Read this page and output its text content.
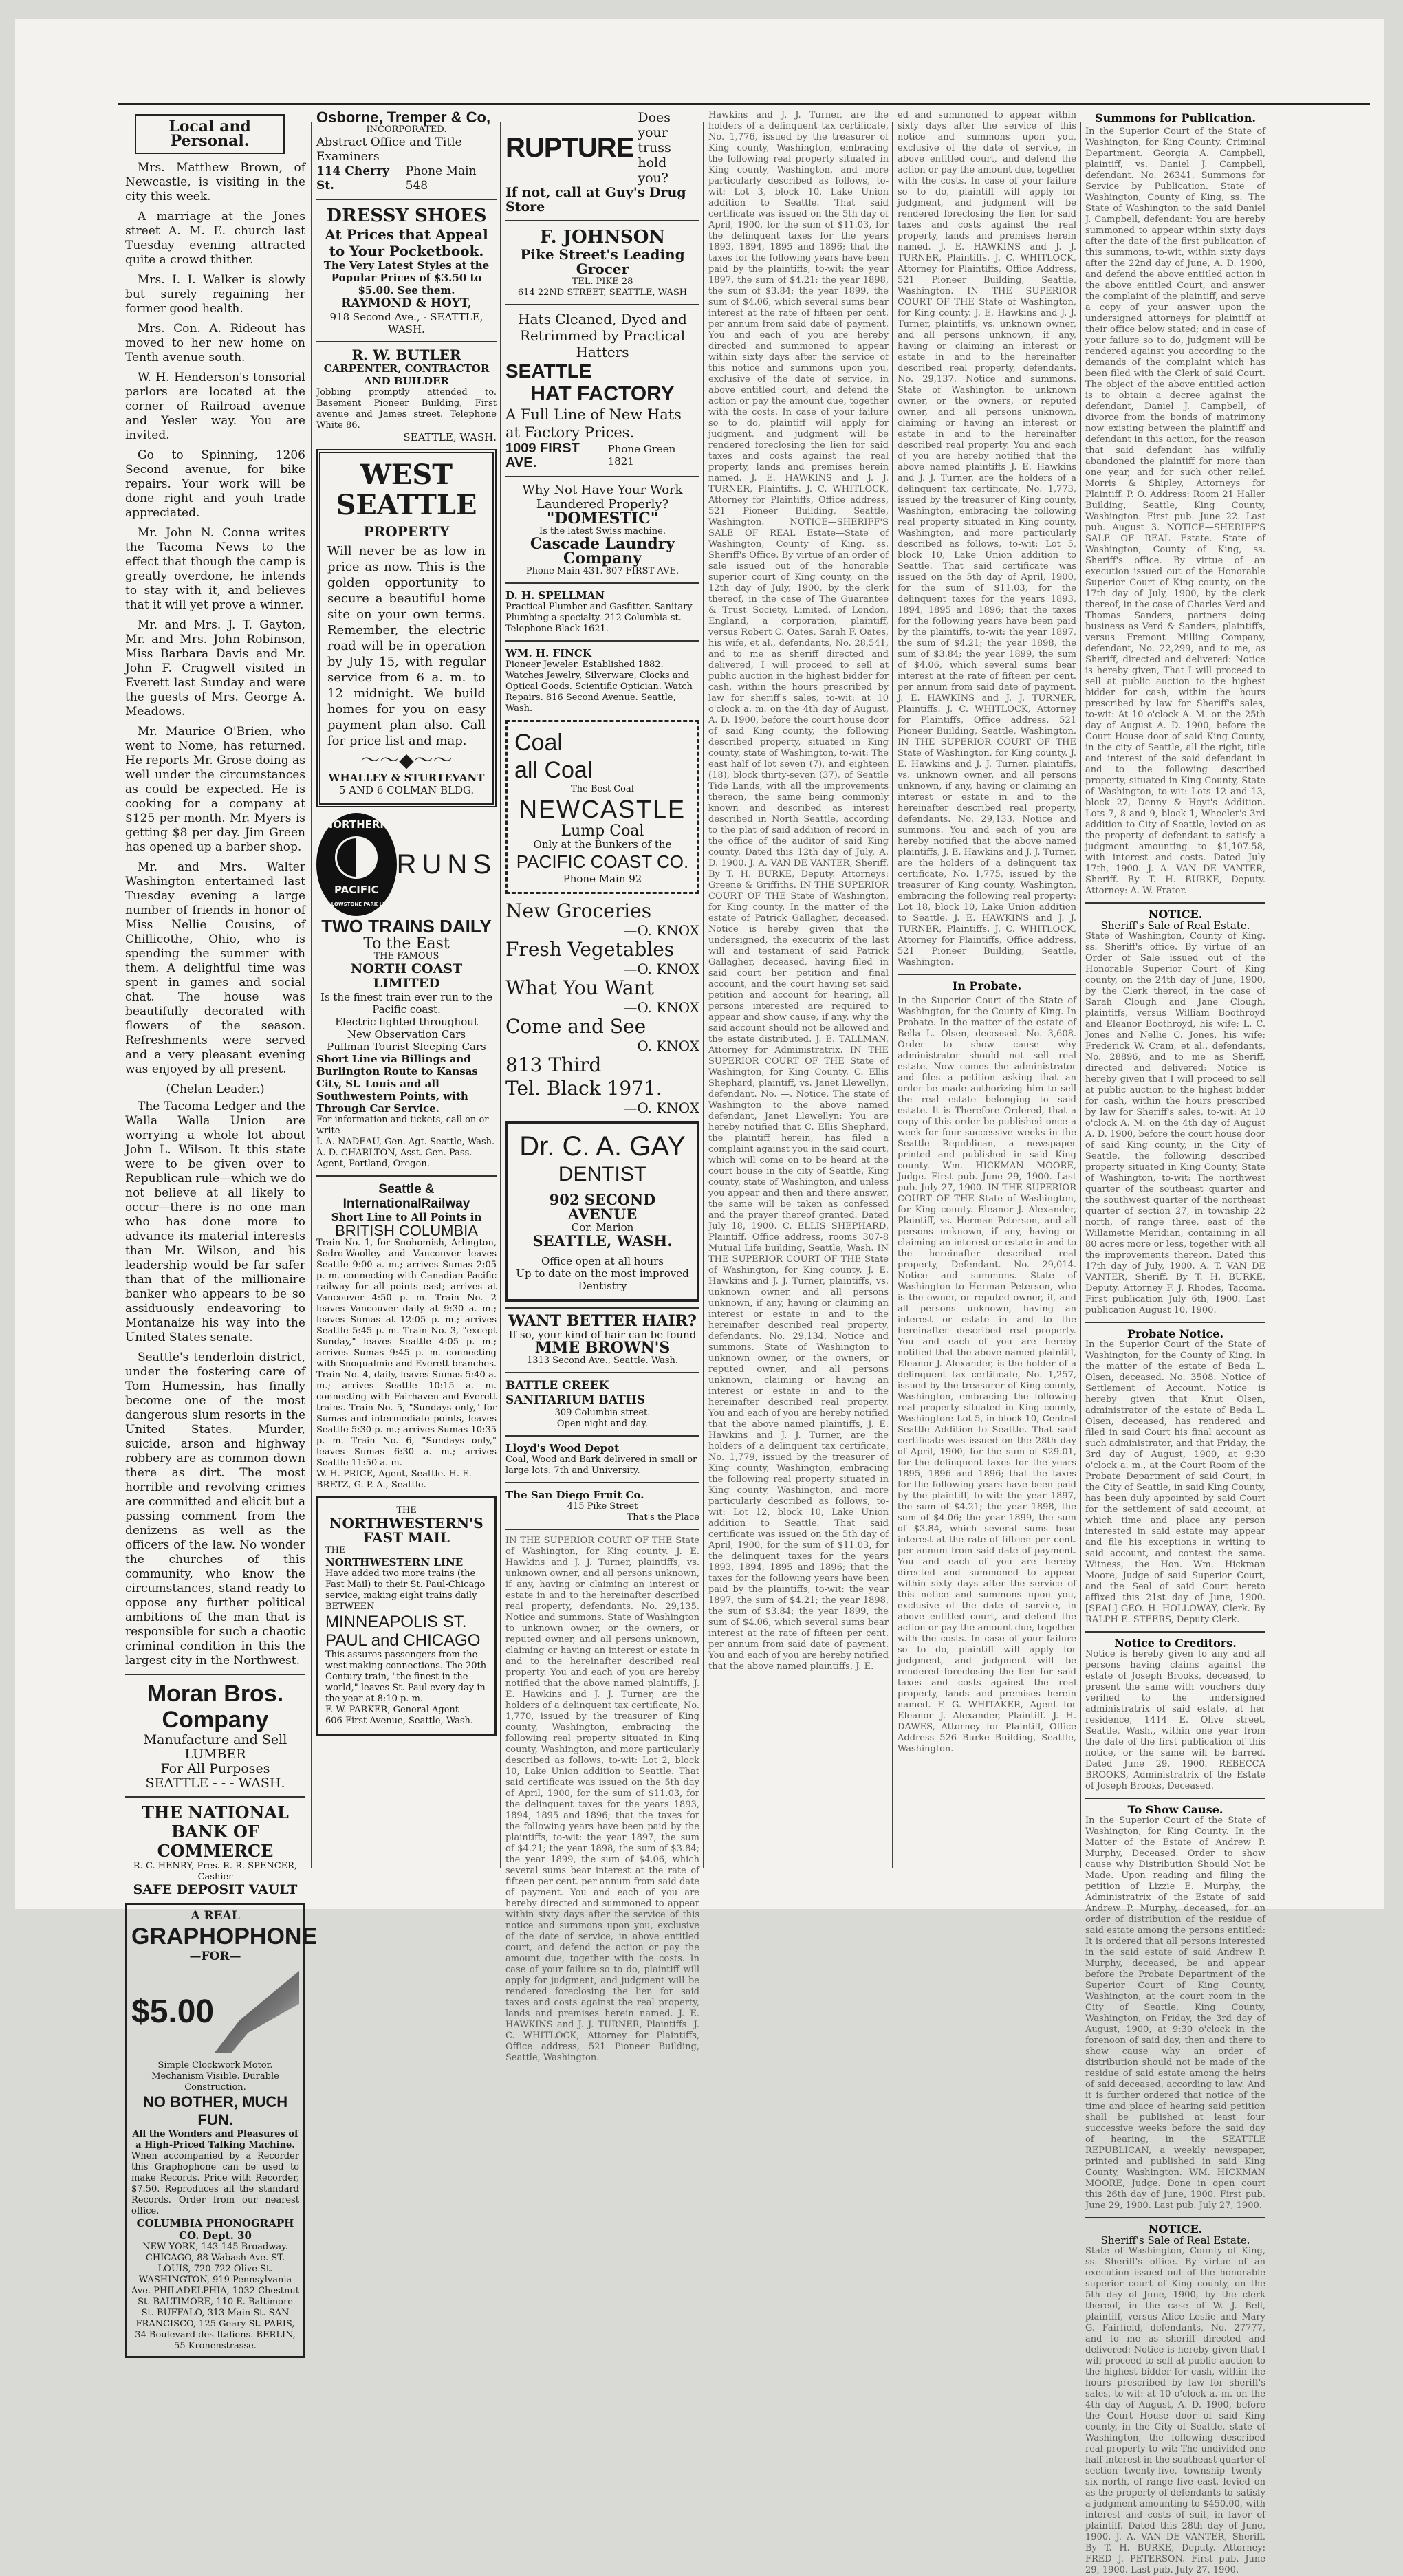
Local and Personal.
Mrs. Matthew Brown, of Newcastle, is visiting in the city this week.
A marriage at the Jones street A. M. E. church last Tuesday evening attracted quite a crowd thither.
Mrs. I. I. Walker is slowly but surely regaining her former good health.
Mrs. Con. A. Rideout has moved to her new home on Tenth avenue south.
W. H. Henderson's tonsorial parlors are located at the corner of Railroad avenue and Yesler way. You are invited.
Go to Spinning, 1206 Second avenue, for bike repairs. Your work will be done right and youh trade appreciated.
Mr. John N. Conna writes the Tacoma News to the effect that though the camp is greatly overdone, he intends to stay with it, and believes that it will yet prove a winner.
Mr. and Mrs. J. T. Gayton, Mr. and Mrs. John Robinson, Miss Barbara Davis and Mr. John F. Cragwell visited in Everett last Sunday and were the guests of Mrs. George A. Meadows.
Mr. Maurice O'Brien, who went to Nome, has returned. He reports Mr. Grose doing as well under the circumstances as could be expected. He is cooking for a company at $125 per month. Mr. Myers is getting $8 per day. Jim Green has opened up a barber shop.
Mr. and Mrs. Walter Washington entertained last Tuesday evening a large number of friends in honor of Miss Nellie Cousins, of Chillicothe, Ohio, who is spending the summer with them. A delightful time was spent in games and social chat. The house was beautifully decorated with flowers of the season. Refreshments were served and a very pleasant evening was enjoyed by all present.
(Chelan Leader.)
The Tacoma Ledger and the Walla Walla Union are worrying a whole lot about John L. Wilson. It this state were to be given over to Republican rule—which we do not believe at all likely to occur—there is no one man who has done more to advance its material interests than Mr. Wilson, and his leadership would be far safer than that of the millionaire banker who appears to be so assiduously endeavoring to Montanaize his way into the United States senate.
Seattle's tenderloin district, under the fostering care of Tom Humessin, has finally become one of the most dangerous slum resorts in the United States. Murder, suicide, arson and highway robbery are as common down there as dirt. The most horrible and revolving crimes are committed and elicit but a passing comment from the denizens as well as the officers of the law. No wonder the churches of this community, who know the circumstances, stand ready to oppose any further political ambitions of the man that is responsible for such a chaotic criminal condition in this the largest city in the Northwest.
Moran Bros. Company
Manufacture and Sell
LUMBER
For All Purposes
SEATTLE - - - WASH.
THE NATIONAL BANK OF COMMERCE
R. C. HENRY, Pres. R. R. SPENCER, Cashier
SAFE DEPOSIT VAULT
A REAL
GRAPHOPHONE
—FOR—
$5.00
Simple Clockwork Motor. Mechanism Visible. Durable Construction.
NO BOTHER, MUCH FUN.
All the Wonders and Pleasures of a High-Priced Talking Machine.
When accompanied by a Recorder this Graphophone can be used to make Records. Price with Recorder, $7.50. Reproduces all the standard Records. Order from our nearest office.
COLUMBIA PHONOGRAPH CO. Dept. 30
NEW YORK, 143-145 Broadway. CHICAGO, 88 Wabash Ave. ST. LOUIS, 720-722 Olive St. WASHINGTON, 919 Pennsylvania Ave. PHILADELPHIA, 1032 Chestnut St. BALTIMORE, 110 E. Baltimore St. BUFFALO, 313 Main St. SAN FRANCISCO, 125 Geary St. PARIS, 34 Boulevard des Italiens. BERLIN, 55 Kronenstrasse.
Osborne, Tremper & Co,
INCORPORATED.
Abstract Office and Title Examiners
114 Cherry St.
Phone Main 548
DRESSY SHOES
At Prices that Appeal to Your Pocketbook.
The Very Latest Styles at the Popular Prices of $3.50 to $5.00. See them.
RAYMOND & HOYT,
918 Second Ave., - SEATTLE, WASH.
R. W. BUTLER
CARPENTER, CONTRACTOR AND BUILDER
Jobbing promptly attended to. Basement Pioneer Building, First avenue and James street. Telephone White 86.
SEATTLE, WASH.
WEST
SEATTLE
PROPERTY
Will never be as low in price as now. This is the golden opportunity to secure a beautiful home site on your own terms. Remember, the electric road will be in operation by July 15, with regular service from 6 a. m. to 12 midnight. We build homes for you on easy payment plan also. Call for price list and map.
～～◆～～
WHALLEY & STURTEVANT
5 AND 6 COLMAN BLDG.
NORTHERN
PACIFIC
YELLOWSTONE PARK LINE
RUNS
TWO TRAINS DAILY
To the East
THE FAMOUS
NORTH COAST LIMITED
Is the finest train ever run to the Pacific coast.
Electric lighted throughout
New Observation Cars
Pullman Tourist Sleeping Cars
Short Line via Billings and Burlington Route to Kansas City, St. Louis and all Southwestern Points, with Through Car Service.
For information and tickets, call on or write
I. A. NADEAU, Gen. Agt. Seattle, Wash. A. D. CHARLTON, Asst. Gen. Pass. Agent, Portland, Oregon.
Seattle & InternationalRailway
Short Line to All Points in
BRITISH COLUMBIA
Train No. 1, for Snohomish, Arlington, Sedro-Woolley and Vancouver leaves Seattle 9:00 a. m.; arrives Sumas 2:05 p. m. connecting with Canadian Pacific railway for all points east; arrives at Vancouver 4:50 p. m. Train No. 2 leaves Vancouver daily at 9:30 a. m.; leaves Sumas at 12:05 p. m.; arrives Seattle 5:45 p. m. Train No. 3, "except Sunday," leaves Seattle 4:05 p. m.; arrives Sumas 9:45 p. m. connecting with Snoqualmie and Everett branches. Train No. 4, daily, leaves Sumas 5:40 a. m.; arrives Seattle 10:15 a. m. connecting with Fairhaven and Everett trains. Train No. 5, "Sundays only," for Sumas and intermediate points, leaves Seattle 5:30 p. m.; arrives Sumas 10:35 p. m. Train No. 6, "Sundays only," leaves Sumas 6:30 a. m.; arrives Seattle 11:50 a. m.
W. H. PRICE, Agent, Seattle. H. E. BRETZ, G. P. A., Seattle.
THE
NORTHWESTERN'S FAST MAIL
THE
NORTHWESTERN LINE
Have added two more trains (the Fast Mail) to their St. Paul-Chicago service, making eight trains daily
BETWEEN
MINNEAPOLIS ST. PAUL and CHICAGO
This assures passengers from the west making connections. The 20th Century train, "the finest in the world," leaves St. Paul every day in the year at 8:10 p. m.
F. W. PARKER, General Agent
606 First Avenue, Seattle, Wash.
RUPTURE
Does your truss hold you?
If not, call at Guy's Drug Store
F. JOHNSON
Pike Street's Leading Grocer
TEL. PIKE 28
614 22ND STREET, SEATTLE, WASH
Hats Cleaned, Dyed and Retrimmed by Practical Hatters
SEATTLE
HAT FACTORY
A Full Line of New Hats at Factory Prices.
1009 FIRST AVE.
Phone Green 1821
Why Not Have Your Work Laundered Properly?
"DOMESTIC"
Is the latest Swiss machine.
Cascade Laundry Company
Phone Main 431. 807 FIRST AVE.
D. H. SPELLMAN
Practical Plumber and Gasfitter. Sanitary Plumbing a specialty. 212 Columbia st. Telephone Black 1621.
WM. H. FINCK
Pioneer Jeweler. Established 1882. Watches Jewelry, Silverware, Clocks and Optical Goods. Scientific Optician. Watch Repairs. 816 Second Avenue. Seattle, Wash.
Coal
all Coal
The Best Coal
NEWCASTLE
Lump Coal
Only at the Bunkers of the
PACIFIC COAST CO.
Phone Main 92
New Groceries
—O. KNOX
Fresh Vegetables
—O. KNOX
What You Want
—O. KNOX
Come and See
O. KNOX
813 Third
Tel. Black 1971.
—O. KNOX
Dr. C. A. GAY
DENTIST
902 SECOND AVENUE
Cor. Marion
SEATTLE, WASH.
Office open at all hours
Up to date on the most improved Dentistry
WANT BETTER HAIR?
If so, your kind of hair can be found
MME BROWN'S
1313 Second Ave., Seattle. Wash.
BATTLE CREEK SANITARIUM BATHS
309 Columbia street.
Open night and day.
Lloyd's Wood Depot
Coal, Wood and Bark delivered in small or large lots. 7th and University.
The San Diego Fruit Co.
415 Pike Street
That's the Place
IN THE SUPERIOR COURT OF THE State of Washington, for King county. J. E. Hawkins and J. J. Turner, plaintiffs, vs. unknown owner, and all persons unknown, if any, having or claiming an interest or estate in and to the hereinafter described real property, defendants. No. 29,135. Notice and summons. State of Washington to unknown owner, or the owners, or reputed owner, and all persons unknown, claiming or having an interest or estate in and to the hereinafter described real property. You and each of you are hereby notified that the above named plaintiffs, J. E. Hawkins and J. J. Turner, are the holders of a delinquent tax certificate, No. 1,770, issued by the treasurer of King county, Washington, embracing the following real property situated in King county, Washington, and more particularly described as follows, to-wit: Lot 2, block 10, Lake Union addition to Seattle. That said certificate was issued on the 5th day of April, 1900, for the sum of $11.03, for the delinquent taxes for the years 1893, 1894, 1895 and 1896; that the taxes for the following years have been paid by the plaintiffs, to-wit: the year 1897, the sum of $4.21; the year 1898, the sum of $3.84; the year 1899, the sum of $4.06, which several sums bear interest at the rate of fifteen per cent. per annum from said date of payment. You and each of you are hereby directed and summoned to appear within sixty days after the service of this notice and summons upon you, exclusive of the date of service, in above entitled court, and defend the action or pay the amount due, together with the costs. In case of your failure so to do, plaintiff will apply for judgment, and judgment will be rendered foreclosing the lien for said taxes and costs against the real property, lands and premises herein named. J. E. HAWKINS and J. J. TURNER, Plaintiffs. J. C. WHITLOCK, Attorney for Plaintiffs, Office address, 521 Pioneer Building, Seattle, Washington.
Hawkins and J. J. Turner, are the holders of a delinquent tax certificate, No. 1,776, issued by the treasurer of King county, Washington, embracing the following real property situated in King county, Washington, and more particularly described as follows, to-wit: Lot 3, block 10, Lake Union addition to Seattle. That said certificate was issued on the 5th day of April, 1900, for the sum of $11.03, for the delinquent taxes for the years 1893, 1894, 1895 and 1896; that the taxes for the following years have been paid by the plaintiffs, to-wit: the year 1897, the sum of $4.21; the year 1898, the sum of $3.84; the year 1899, the sum of $4.06, which several sums bear interest at the rate of fifteen per cent. per annum from said date of payment. You and each of you are hereby directed and summoned to appear within sixty days after the service of this notice and summons upon you, exclusive of the date of service, in above entitled court, and defend the action or pay the amount due, together with the costs. In case of your failure so to do, plaintiff will apply for judgment, and judgment will be rendered foreclosing the lien for said taxes and costs against the real property, lands and premises herein named. J. E. HAWKINS and J. J. TURNER, Plaintiffs. J. C. WHITLOCK, Attorney for Plaintiffs, Office address, 521 Pioneer Building, Seattle, Washington. NOTICE—SHERIFF'S SALE OF REAL Estate—State of Washington, County of King. ss. Sheriff's Office. By virtue of an order of sale issued out of the honorable superior court of King county, on the 12th day of July, 1900, by the clerk thereof, in the case of The Guarantee & Trust Society, Limited, of London, England, a corporation, plaintiff, versus Robert C. Oates, Sarah F. Oates, his wife, et al., defendants, No. 28,541, and to me as sheriff directed and delivered, I will proceed to sell at public auction in the highest bidder for cash, within the hours prescribed by law for sheriff's sales, to-wit: at 10 o'clock a. m. on the 4th day of August, A. D. 1900, before the court house door of said King county, the following described property, situated in King county, state of Washington, to-wit: The east half of lot seven (7), and eighteen (18), block thirty-seven (37), of Seattle Tide Lands, with all the improvements thereon, the same being commonly known and described as interest described in North Seattle, according to the plat of said addition of record in the office of the auditor of said King county. Dated this 12th day of July, A. D. 1900. J. A. VAN DE VANTER, Sheriff. By T. H. BURKE, Deputy. Attorneys: Greene & Griffiths. IN THE SUPERIOR COURT OF THE State of Washington, for King county. In the matter of the estate of Patrick Gallagher, deceased. Notice is hereby given that the undersigned, the executrix of the last will and testament of said Patrick Gallagher, deceased, having filed in said court her petition and final account, and the court having set said petition and account for hearing, all persons interested are required to appear and show cause, if any, why the said account should not be allowed and the estate distributed. J. E. TALLMAN, Attorney for Administratrix. IN THE SUPERIOR COURT OF THE State of Washington, for King County. C. Ellis Shephard, plaintiff, vs. Janet Llewellyn, defendant. No. —. Notice. The state of Washington to the above named defendant, Janet Llewellyn: You are hereby notified that C. Ellis Shephard, the plaintiff herein, has filed a complaint against you in the said court, which will come on to be heard at the court house in the city of Seattle, King county, state of Washington, and unless you appear and then and there answer, the same will be taken as confessed and the prayer thereof granted. Dated July 18, 1900. C. ELLIS SHEPHARD, Plaintiff. Office address, rooms 307-8 Mutual Life building, Seattle, Wash. IN THE SUPERIOR COURT OF THE State of Washington, for King county. J. E. Hawkins and J. J. Turner, plaintiffs, vs. unknown owner, and all persons unknown, if any, having or claiming an interest or estate in and to the hereinafter described real property, defendants. No. 29,134. Notice and summons. State of Washington to unknown owner, or the owners, or reputed owner, and all persons unknown, claiming or having an interest or estate in and to the hereinafter described real property. You and each of you are hereby notified that the above named plaintiffs, J. E. Hawkins and J. J. Turner, are the holders of a delinquent tax certificate, No. 1,779, issued by the treasurer of King county, Washington, embracing the following real property situated in King county, Washington, and more particularly described as follows, to-wit: Lot 12, block 10, Lake Union addition to Seattle. That said certificate was issued on the 5th day of April, 1900, for the sum of $11.03, for the delinquent taxes for the years 1893, 1894, 1895 and 1896; that the taxes for the following years have been paid by the plaintiffs, to-wit: the year 1897, the sum of $4.21; the year 1898, the sum of $3.84; the year 1899, the sum of $4.06, which several sums bear interest at the rate of fifteen per cent. per annum from said date of payment. You and each of you are hereby notified that the above named plaintiffs, J. E.
ed and summoned to appear within sixty days after the service of this notice and summons upon you, exclusive of the date of service, in above entitled court, and defend the action or pay the amount due, together with the costs. In case of your failure so to do, plaintiff will apply for judgment, and judgment will be rendered foreclosing the lien for said taxes and costs against the real property, lands and premises herein named. J. E. HAWKINS and J. J. TURNER, Plaintiffs. J. C. WHITLOCK, Attorney for Plaintiffs, Office Address, 521 Pioneer Building, Seattle, Washington. IN THE SUPERIOR COURT OF THE State of Washington, for King county. J. E. Hawkins and J. J. Turner, plaintiffs, vs. unknown owner, and all persons unknown, if any, having or claiming an interest or estate in and to the hereinafter described real property, defendants. No. 29,137. Notice and summons. State of Washington to unknown owner, or the owners, or reputed owner, and all persons unknown, claiming or having an interest or estate in and to the hereinafter described real property. You and each of you are hereby notified that the above named plaintiffs J. E. Hawkins and J. J. Turner, are the holders of a delinquent tax certificate, No. 1,773, issued by the treasurer of King county, Washington, embracing the following real property situated in King county, Washington, and more particularly described as follows, to-wit: Lot 5, block 10, Lake Union addition to Seattle. That said certificate was issued on the 5th day of April, 1900, for the sum of $11.03, for the delinquent taxes for the years 1893, 1894, 1895 and 1896; that the taxes for the following years have been paid by the plaintiffs, to-wit: the year 1897, the sum of $4.21; the year 1898, the sum of $3.84; the year 1899, the sum of $4.06, which several sums bear interest at the rate of fifteen per cent. per annum from said date of payment. J. E. HAWKINS and J. J. TURNER, Plaintiffs. J. C. WHITLOCK, Attorney for Plaintiffs, Office address, 521 Pioneer Building, Seattle, Washington. IN THE SUPERIOR COURT OF THE State of Washington, for King county. J. E. Hawkins and J. J. Turner, plaintiffs, vs. unknown owner, and all persons unknown, if any, having or claiming an interest or estate in and to the hereinafter described real property, defendants. No. 29,133. Notice and summons. You and each of you are hereby notified that the above named plaintiffs, J. E. Hawkins and J. J. Turner, are the holders of a delinquent tax certificate, No. 1,775, issued by the treasurer of King county, Washington, embracing the following real property: Lot 18, block 10, Lake Union addition to Seattle. J. E. HAWKINS and J. J. TURNER, Plaintiffs. J. C. WHITLOCK, Attorney for Plaintiffs, Office address, 521 Pioneer Building, Seattle, Washington.
In Probate.
In the Superior Court of the State of Washington, for the County of King. In Probate. In the matter of the estate of Bella L. Olsen, deceased. No. 3,608. Order to show cause why administrator should not sell real estate. Now comes the administrator and files a petition asking that an order be made authorizing him to sell the real estate belonging to said estate. It is Therefore Ordered, that a copy of this order be published once a week for four successive weeks in the Seattle Republican, a newspaper printed and published in said King county. Wm. HICKMAN MOORE, Judge. First pub. June 29, 1900. Last pub. July 27, 1900. IN THE SUPERIOR COURT OF THE State of Washington, for King county. Eleanor J. Alexander, Plaintiff, vs. Herman Peterson, and all persons unknown, if any, having or claiming an interest or estate in and to the hereinafter described real property, Defendant. No. 29,014. Notice and summons. State of Washington to Herman Peterson, who is the owner, or reputed owner, if, and all persons unknown, having an interest or estate in and to the hereinafter described real property. You and each of you are hereby notified that the above named plaintiff, Eleanor J. Alexander, is the holder of a delinquent tax certificate, No. 1,257, issued by the treasurer of King county, Washington, embracing the following real property situated in King county, Washington: Lot 5, in block 10, Central Seattle Addition to Seattle. That said certificate was issued on the 28th day of April, 1900, for the sum of $29.01, for the delinquent taxes for the years 1895, 1896 and 1896; that the taxes for the following years have been paid by the plaintiff, to-wit: the year 1897, the sum of $4.21; the year 1898, the sum of $4.06; the year 1899, the sum of $3.84, which several sums bear interest at the rate of fifteen per cent. per annum from said date of payment. You and each of you are hereby directed and summoned to appear within sixty days after the service of this notice and summons upon you, exclusive of the date of service, in above entitled court, and defend the action or pay the amount due, together with the costs. In case of your failure so to do, plaintiff will apply for judgment, and judgment will be rendered foreclosing the lien for said taxes and costs against the real property, lands and premises herein named. F. G. WHITAKER, Agent for Eleanor J. Alexander, Plaintiff. J. H. DAWES, Attorney for Plaintiff, Office Address 526 Burke Building, Seattle, Washington.
Summons for Publication.
In the Superior Court of the State of Washington, for King County. Criminal Department. Georgia A. Campbell, plaintiff, vs. Daniel J. Campbell, defendant. No. 26341. Summons for Service by Publication. State of Washington, County of King, ss. The State of Washington to the said Daniel J. Campbell, defendant: You are hereby summoned to appear within sixty days after the date of the first publication of this summons, to-wit, within sixty days after the 22nd day of June, A. D. 1900, and defend the above entitled action in the above entitled Court, and answer the complaint of the plaintiff, and serve a copy of your answer upon the undersigned attorneys for plaintiff at their office below stated; and in case of your failure so to do, judgment will be rendered against you according to the demands of the complaint which has been filed with the Clerk of said Court. The object of the above entitled action is to obtain a decree against the defendant, Daniel J. Campbell, of divorce from the bonds of matrimony now existing between the plaintiff and defendant in this action, for the reason that said defendant has wilfully abandoned the plaintiff for more than one year, and for such other relief. Morris & Shipley, Attorneys for Plaintiff. P. O. Address: Room 21 Haller Building, Seattle, King County, Washington. First pub. June 22. Last pub. August 3. NOTICE—SHERIFF'S SALE OF REAL Estate. State of Washington, County of King, ss. Sheriff's office. By virtue of an execution issued out of the Honorable Superior Court of King county, on the 17th day of July, 1900, by the clerk thereof, in the case of Charles Verd and Thomas Sanders, partners doing business as Verd & Sanders, plaintiffs, versus Fremont Milling Company, defendant, No. 22,299, and to me, as Sheriff, directed and delivered: Notice is hereby given, That I will proceed to sell at public auction to the highest bidder for cash, within the hours prescribed by law for Sheriff's sales, to-wit: At 10 o'clock A. M. on the 25th day of August A. D. 1900, before the Court House door of said King County, in the city of Seattle, all the right, title and interest of the said defendant in and to the following described property, situated in King County, State of Washington, to-wit: Lots 12 and 13, block 27, Denny & Hoyt's Addition. Lots 7, 8 and 9, block 1, Wheeler's 3rd addition to City of Seattle, levied on as the property of defendant to satisfy a judgment amounting to $1,107.58, with interest and costs. Dated July 17th, 1900. J. A. VAN DE VANTER, Sheriff. By T. H. BURKE, Deputy. Attorney: A. W. Frater.
NOTICE.
Sheriff's Sale of Real Estate.
State of Washington, County of King. ss. Sheriff's office. By virtue of an Order of Sale issued out of the Honorable Superior Court of King county, on the 24th day of June, 1900, by the Clerk thereof, in the case of Sarah Clough and Jane Clough, plaintiffs, versus William Boothroyd and Eleanor Boothroyd, his wife; L. C. Jones and Nellie C. Jones, his wife; Frederick W. Cram, et al., defendants, No. 28896, and to me as Sheriff, directed and delivered: Notice is hereby given that I will proceed to sell at public auction to the highest bidder for cash, within the hours prescribed by law for Sheriff's sales, to-wit: At 10 o'clock A. M. on the 4th day of August A. D. 1900, before the court house door of said King county, in the City of Seattle, the following described property situated in King County, State of Washington, to-wit: The northwest quarter of the southeast quarter and the southwest quarter of the northeast quarter of section 27, in township 22 north, of range three, east of the Willamette Meridian, containing in all 80 acres more or less, together with all the improvements thereon. Dated this 17th day of July, 1900. A. T. VAN DE VANTER, Sheriff. By T. H. BURKE, Deputy. Attorney F. J. Rhodes, Tacoma. First publication July 6th, 1900. Last publication August 10, 1900.
Probate Notice.
In the Superior Court of the State of Washington, for the County of King. In the matter of the estate of Beda L. Olsen, deceased. No. 3508. Notice of Settlement of Account. Notice is hereby given that Knut Olsen, administrator of the estate of Beda L. Olsen, deceased, has rendered and filed in said Court his final account as such administrator, and that Friday, the 3rd day of August, 1900, at 9:30 o'clock a. m., at the Court Room of the Probate Department of said Court, in the City of Seattle, in said King County, has been duly appointed by said Court for the settlement of said account, at which time and place any person interested in said estate may appear and file his exceptions in writing to said account, and contest the same. Witness, the Hon. Wm. Hickman Moore, Judge of said Superior Court, and the Seal of said Court hereto affixed this 21st day of June, 1900. [SEAL] GEO. H. HOLLOWAY, Clerk. By RALPH E. STEERS, Deputy Clerk.
Notice to Creditors.
Notice is hereby given to any and all persons having claims against the estate of Joseph Brooks, deceased, to present the same with vouchers duly verified to the undersigned administratrix of said estate, at her residence, 1414 E. Olive street, Seattle, Wash., within one year from the date of the first publication of this notice, or the same will be barred. Dated June 29, 1900. REBECCA BROOKS, Administratrix of the Estate of Joseph Brooks, Deceased.
To Show Cause.
In the Superior Court of the State of Washington, for King County. In the Matter of the Estate of Andrew P. Murphy, Deceased. Order to show cause why Distribution Should Not be Made. Upon reading and filing the petition of Lizzie E. Murphy, the Administratrix of the Estate of said Andrew P. Murphy, deceased, for an order of distribution of the residue of said estate among the persons entitled: It is ordered that all persons interested in the said estate of said Andrew P. Murphy, deceased, be and appear before the Probate Department of the Superior Court of King County, Washington, at the court room in the City of Seattle, King County, Washington, on Friday, the 3rd day of August, 1900, at 9:30 o'clock in the forenoon of said day, then and there to show cause why an order of distribution should not be made of the residue of said estate among the heirs of said deceased, according to law. And it is further ordered that notice of the time and place of hearing said petition shall be published at least four successive weeks before the said day of hearing, in the SEATTLE REPUBLICAN, a weekly newspaper, printed and published in said King County, Washington. WM. HICKMAN MOORE, Judge. Done in open court this 26th day of June, 1900. First pub. June 29, 1900. Last pub. July 27, 1900.
NOTICE.
Sheriff's Sale of Real Estate.
State of Washington, County of King, ss. Sheriff's office. By virtue of an execution issued out of the honorable superior court of King county, on the 5th day of June, 1900, by the clerk thereof, in the case of W. J. Bell, plaintiff, versus Alice Leslie and Mary G. Fairfield, defendants, No. 27777, and to me as sheriff directed and delivered: Notice is hereby given that I will proceed to sell at public auction to the highest bidder for cash, within the hours prescribed by law for sheriff's sales, to-wit: at 10 o'clock a. m. on the 4th day of August, A. D. 1900, before the Court House door of said King county, in the City of Seattle, state of Washington, the following described real property to-wit: The undivided one half interest in the southeast quarter of section twenty-five, township twenty-six north, of range five east, levied on as the property of defendants to satisfy a judgment amounting to $450.00, with interest and costs of suit, in favor of plaintiff. Dated this 28th day of June, 1900. J. A. VAN DE VANTER, Sheriff. By T. H. BURKE, Deputy. Attorney: FRED J. PETERSON. First pub. June 29, 1900. Last pub. July 27, 1900.
